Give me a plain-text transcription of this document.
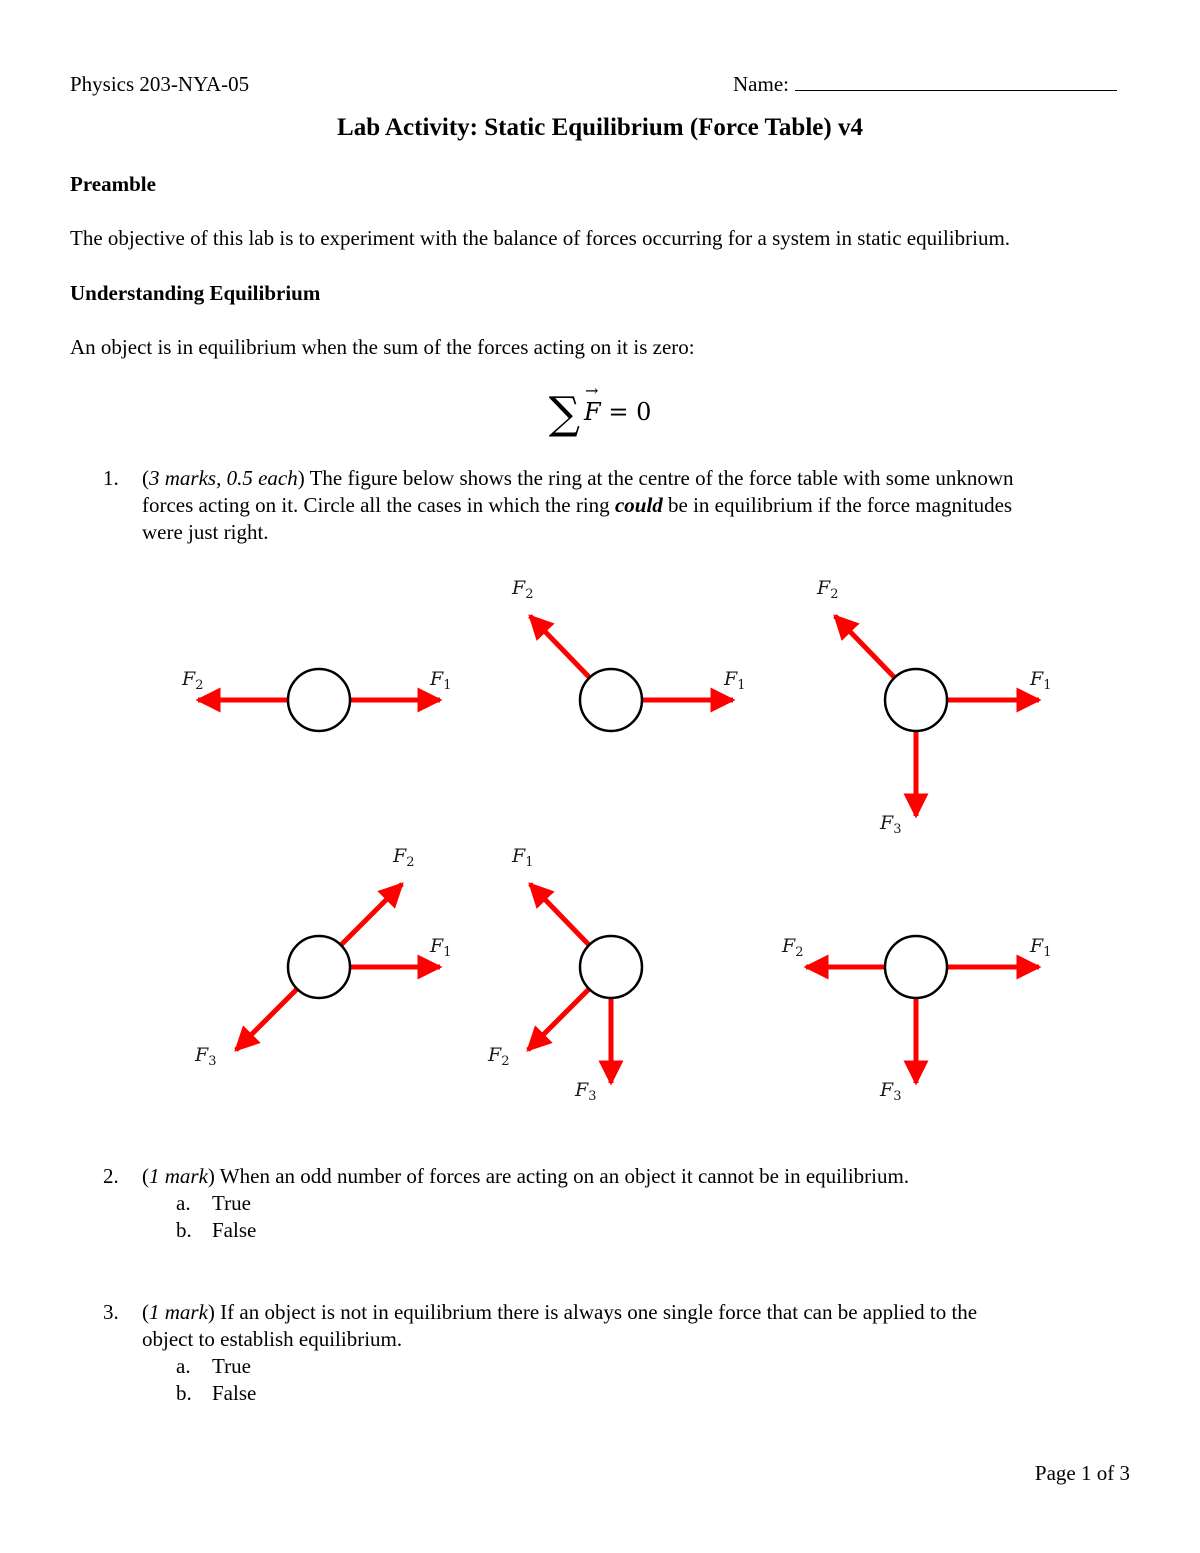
Physics 203-NYA-05	Name:
Lab Activity: Static Equilibrium (Force Table) v4
Preamble
The objective of this lab is to experiment with the balance of forces occurring for a system in static equilibrium.
Understanding Equilibrium
An object is in equilibrium when the sum of the forces acting on it is zero:
∑→ F = 0
1. (3 marks, 0.5 each) The figure below shows the ring at the centre of the force table with some unknown
forces acting on it. Circle all the cases in which the ring could be in equilibrium if the force magnitudes
were just right.
$F_1$
$F_2$	$F_1$
$F_2$
$F_1$
$F_2$
$F_3$
$F_1$
$F_2$
$F_3$
$F_1$
$F_2$
$F_3$
$F_1$
$F_2$
$F_3$
2. (1 mark) When an odd number of forces are acting on an object it cannot be in equilibrium.
a. True
b. False
3. (1 mark) If an object is not in equilibrium there is always one single force that can be applied to the
object to establish equilibrium.
a. True
b. False
Page 1 of 3
